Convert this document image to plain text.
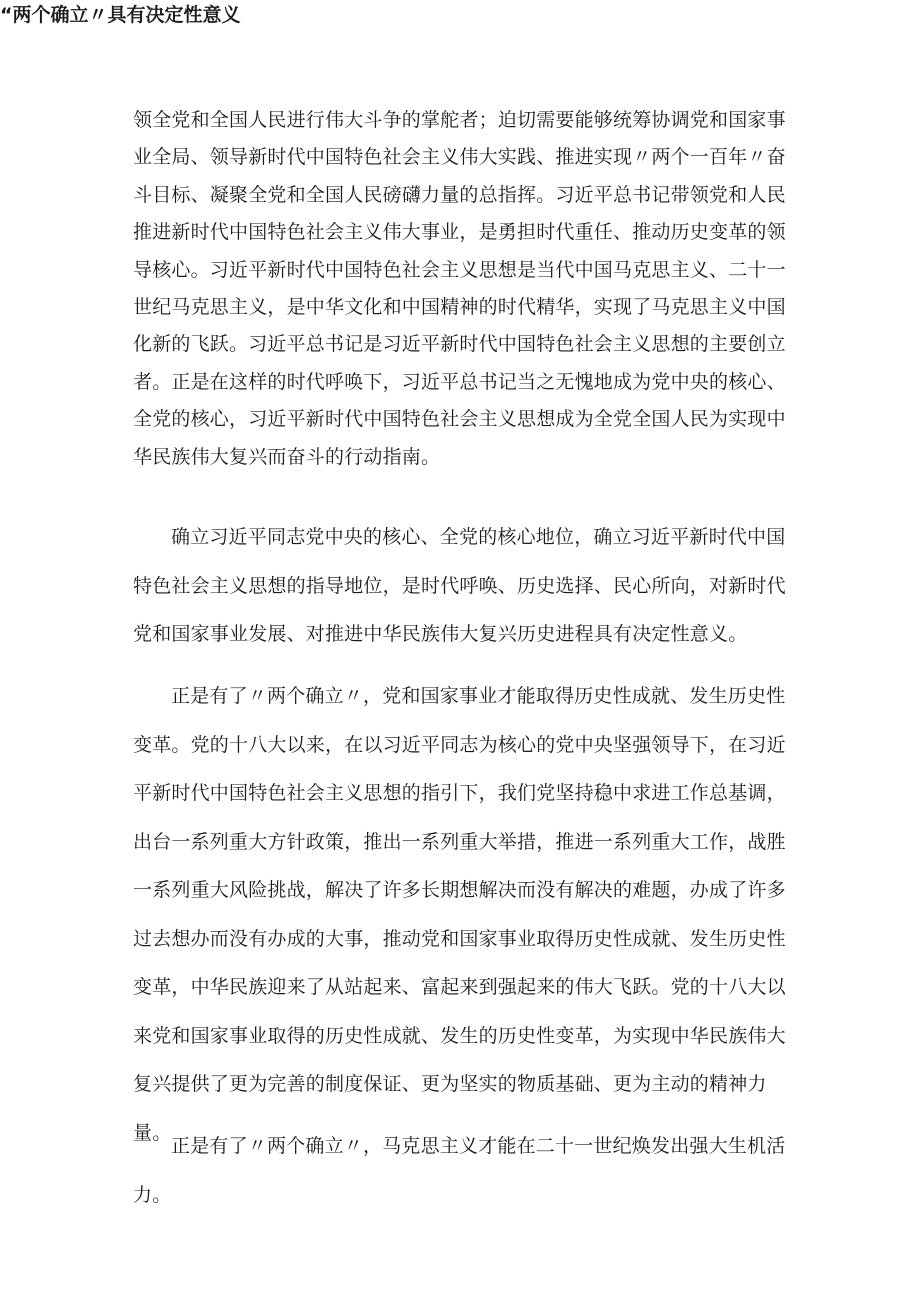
领全党和全国人民进行伟大斗争的掌舵者；迫切需要能够统筹协调党和国家事业全局、领导新时代中国特色社会主义伟大实践、推进实现〃两个一百年〃奋斗目标、凝聚全党和全国人民磅礴力量的总指挥。习近平总书记带领党和人民推进新时代中国特色社会主义伟大事业，是勇担时代重任、推动历史变革的领导核心。习近平新时代中国特色社会主义思想是当代中国马克思主义、二十一世纪马克思主义，是中华文化和中国精神的时代精华，实现了马克思主义中国化新的飞跃。习近平总书记是习近平新时代中国特色社会主义思想的主要创立者。正是在这样的时代呼唤下，习近平总书记当之无愧地成为党中央的核心、全党的核心，习近平新时代中国特色社会主义思想成为全党全国人民为实现中华民族伟大复兴而奋斗的行动指南。

“两个确立〃具有决定性意义

确立习近平同志党中央的核心、全党的核心地位，确立习近平新时代中国特色社会主义思想的指导地位，是时代呼唤、历史选择、民心所向，对新时代党和国家事业发展、对推进中华民族伟大复兴历史进程具有决定性意义。

正是有了〃两个确立〃，党和国家事业才能取得历史性成就、发生历史性变革。党的十八大以来，在以习近平同志为核心的党中央坚强领导下，在习近平新时代中国特色社会主义思想的指引下，我们党坚持稳中求进工作总基调，出台一系列重大方针政策，推出一系列重大举措，推进一系列重大工作，战胜一系列重大风险挑战，解决了许多长期想解决而没有解决的难题，办成了许多过去想办而没有办成的大事，推动党和国家事业取得历史性成就、发生历史性变革，中华民族迎来了从站起来、富起来到强起来的伟大飞跃。党的十八大以来党和国家事业取得的历史性成就、发生的历史性变革，为实现中华民族伟大复兴提供了更为完善的制度保证、更为坚实的物质基础、更为主动的精神力量。

正是有了〃两个确立〃，马克思主义才能在二十一世纪焕发出强大生机活力。
